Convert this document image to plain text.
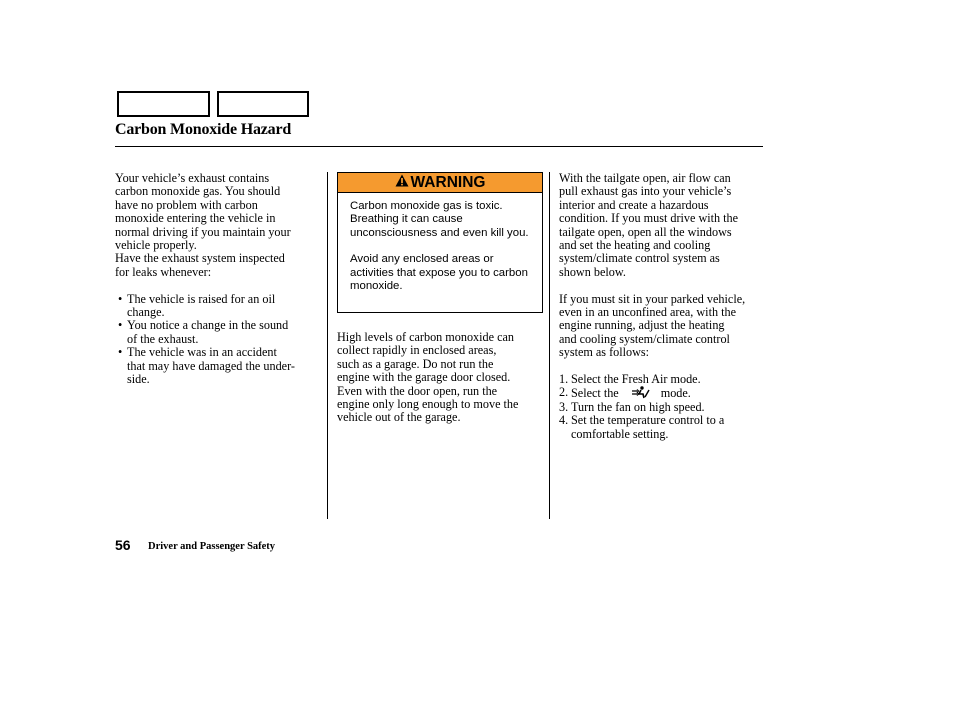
Carbon Monoxide Hazard

Your vehicle’s exhaust contains
carbon monoxide gas. You should
have no problem with carbon
monoxide entering the vehicle in
normal driving if you maintain your
vehicle properly.
Have the exhaust system inspected
for leaks whenever:

• The vehicle is raised for an oil
change.

• You notice a change in the sound
of the exhaust.

• The vehicle was in an accident
that may have damaged the under-
side.

WARNING

Carbon monoxide gas is toxic. Breathing it can cause unconsciousness and even kill you.

Avoid any enclosed areas or activities that expose you to carbon monoxide.

High levels of carbon monoxide can
collect rapidly in enclosed areas,
such as a garage. Do not run the
engine with the garage door closed.
Even with the door open, run the
engine only long enough to move the
vehicle out of the garage.

With the tailgate open, air flow can
pull exhaust gas into your vehicle’s
interior and create a hazardous
condition. If you must drive with the
tailgate open, open all the windows
and set the heating and cooling
system/climate control system as
shown below.

If you must sit in your parked vehicle,
even in an unconfined area, with the
engine running, adjust the heating
and cooling system/climate control
system as follows:

1. Select the Fresh Air mode.

2. Select the	mode.

3. Turn the fan on high speed.

4. Set the temperature control to a
comfortable setting.

56 Driver and Passenger Safety
